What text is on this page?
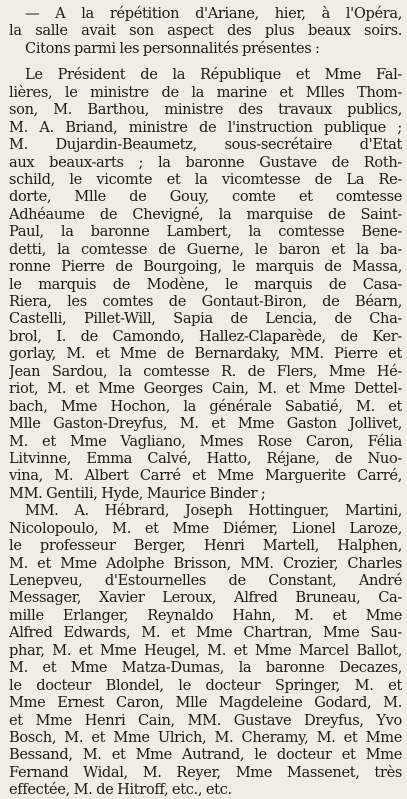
— A la répétition d'Ariane, hier, à l'Opéra,
la salle avait son aspect des plus beaux soirs.
Citons parmi les personnalités présentes :
Le Président de la République et Mme Fal-
lières, le ministre de la marine et Mlles Thom-
son, M. Barthou, ministre des travaux publics,
M. A. Briand, ministre de l'instruction publique ;
M. Dujardin-Beaumetz, sous-secrétaire d'Etat
aux beaux-arts ; la baronne Gustave de Roth-
schild, le vicomte et la vicomtesse de La Re-
dorte, Mlle de Gouy, comte et comtesse
Adhéaume de Chevigné, la marquise de Saint-
Paul, la baronne Lambert, la comtesse Bene-
detti, la comtesse de Guerne, le baron et la ba-
ronne Pierre de Bourgoing, le marquis de Massa,
le marquis de Modène, le marquis de Casa-
Riera, les comtes de Gontaut-Biron, de Béarn,
Castelli, Pillet-Will, Sapia de Lencia, de Cha-
brol, I. de Camondo, Hallez-Claparède, de Ker-
gorlay, M. et Mme de Bernardaky, MM. Pierre et
Jean Sardou, la comtesse R. de Flers, Mme Hé-
riot, M. et Mme Georges Cain, M. et Mme Dettel-
bach, Mme Hochon, la générale Sabatié, M. et
Mlle Gaston-Dreyfus, M. et Mme Gaston Jollivet,
M. et Mme Vagliano, Mmes Rose Caron, Félia
Litvinne, Emma Calvé, Hatto, Réjane, de Nuo-
vina, M. Albert Carré et Mme Marguerite Carré,
MM. Gentili, Hyde, Maurice Binder ;
MM. A. Hébrard, Joseph Hottinguer, Martini,
Nicolopoulo, M. et Mme Diémer, Lionel Laroze,
le professeur Berger, Henri Martell, Halphen,
M. et Mme Adolphe Brisson, MM. Crozier, Charles
Lenepveu, d'Estournelles de Constant, André
Messager, Xavier Leroux, Alfred Bruneau, Ca-
mille Erlanger, Reynaldo Hahn, M. et Mme
Alfred Edwards, M. et Mme Chartran, Mme Sau-
phar, M. et Mme Heugel, M. et Mme Marcel Ballot,
M. et Mme Matza-Dumas, la baronne Decazes,
le docteur Blondel, le docteur Springer, M. et
Mme Ernest Caron, Mlle Magdeleine Godard, M.
et Mme Henri Cain, MM. Gustave Dreyfus, Yvo
Bosch, M. et Mme Ulrich, M. Cheramy, M. et Mme
Bessand, M. et Mme Autrand, le docteur et Mme
Fernand Widal, M. Reyer, Mme Massenet, très
effectée, M. de Hitroff, etc., etc.
